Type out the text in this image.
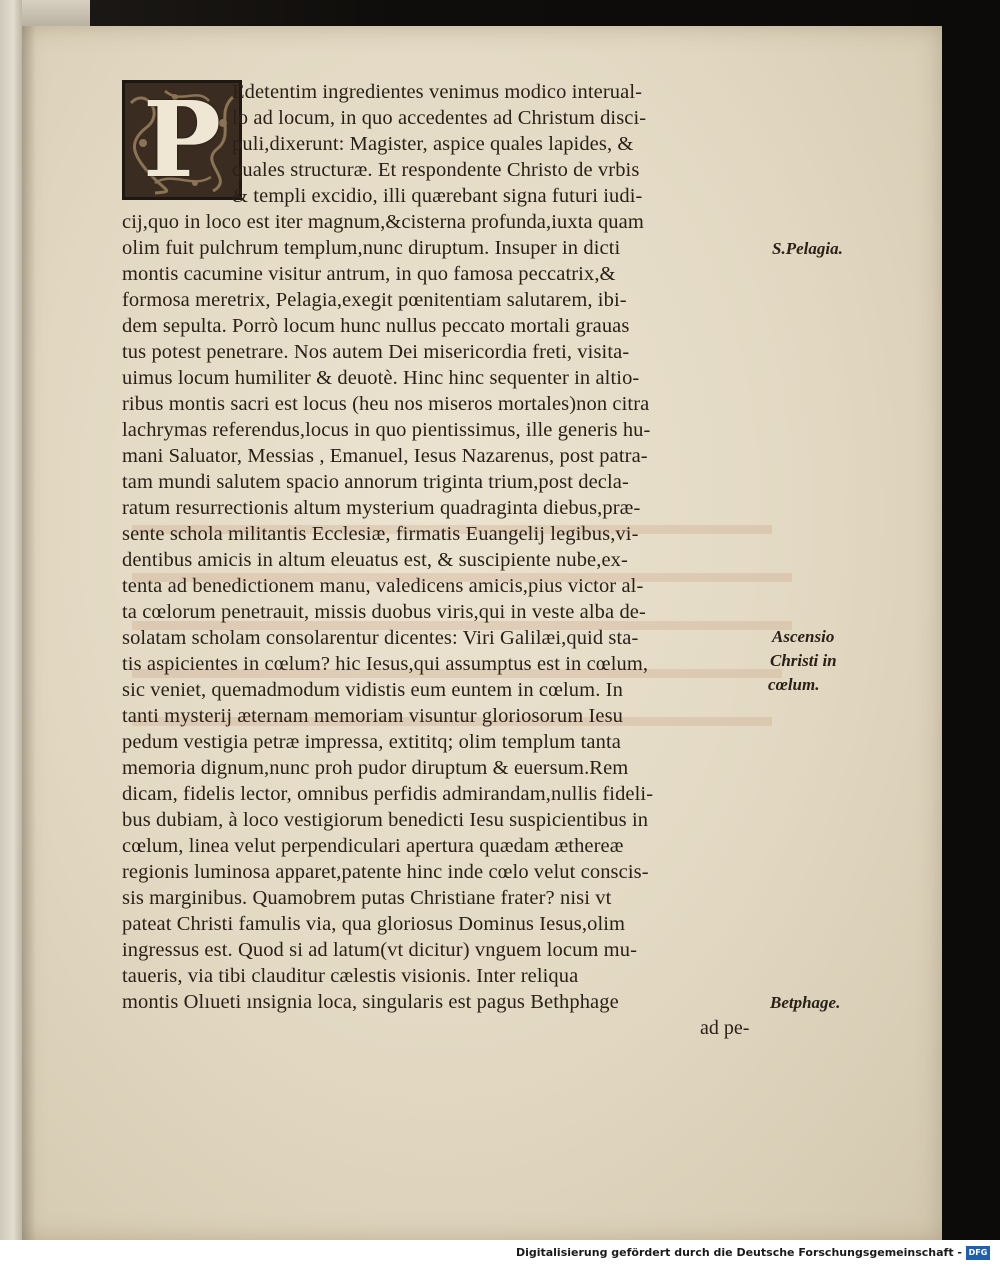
P Edetentim ingredientes venimus modico interual-
lo ad locum, in quo accedentes ad Christum disci-
puli,dixerunt: Magister, aspice quales lapides, &
quales structuræ. Et respondente Christo de vrbis
& templi excidio, illi quærebant signa futuri iudi-
cij,quo in loco est iter magnum,&cisterna profunda,iuxta quam
olim fuit pulchrum templum,nunc diruptum. Insuper in dicti
montis cacumine visitur antrum, in quo famosa peccatrix,&
formosa meretrix, Pelagia,exegit pœnitentiam salutarem, ibi-
dem sepulta. Porrò locum hunc nullus peccato mortali grauas
tus potest penetrare. Nos autem Dei misericordia freti, visita-
uimus locum humiliter & deuotè. Hinc hinc sequenter in altio-
ribus montis sacri est locus (heu nos miseros mortales)non citra
lachrymas referendus,locus in quo pientissimus, ille generis hu-
mani Saluator, Messias , Emanuel, Iesus Nazarenus, post patra-
tam mundi salutem spacio annorum triginta trium,post decla-
ratum resurrectionis altum mysterium quadraginta diebus,præ-
sente schola militantis Ecclesiæ, firmatis Euangelij legibus,vi-
dentibus amicis in altum eleuatus est, & suscipiente nube,ex-
tenta ad benedictionem manu, valedicens amicis,pius victor al-
ta cœlorum penetrauit, missis duobus viris,qui in veste alba de-
solatam scholam consolarentur dicentes: Viri Galilæi,quid sta-
tis aspicientes in cœlum? hic Iesus,qui assumptus est in cœlum,
sic veniet, quemadmodum vidistis eum euntem in cœlum. In
tanti mysterij æternam memoriam visuntur gloriosorum Iesu
pedum vestigia petræ impressa, extititq; olim templum tanta
memoria dignum,nunc proh pudor diruptum & euersum.Rem
dicam, fidelis lector, omnibus perfidis admirandam,nullis fideli-
bus dubiam, à loco vestigiorum benedicti Iesu suspicientibus in
cœlum, linea velut perpendiculari apertura quædam æthereæ
regionis luminosa apparet,patente hinc inde cœlo velut conscis-
sis marginibus. Quamobrem putas Christiane frater? nisi vt
pateat Christi famulis via, qua gloriosus Dominus Iesus,olim
ingressus est. Quod si ad latum(vt dicitur) vnguem locum mu-
taueris, via tibi clauditur cælestis visionis. Inter reliqua
montis Olıueti ınsignia loca, singularis est pagus Bethphage
ad pe-
S.Pelagia.
Ascensio
Christi in
cœlum.
Betphage.
Digitalisierung gefördert durch die Deutsche Forschungsgemeinschaft - DFG
